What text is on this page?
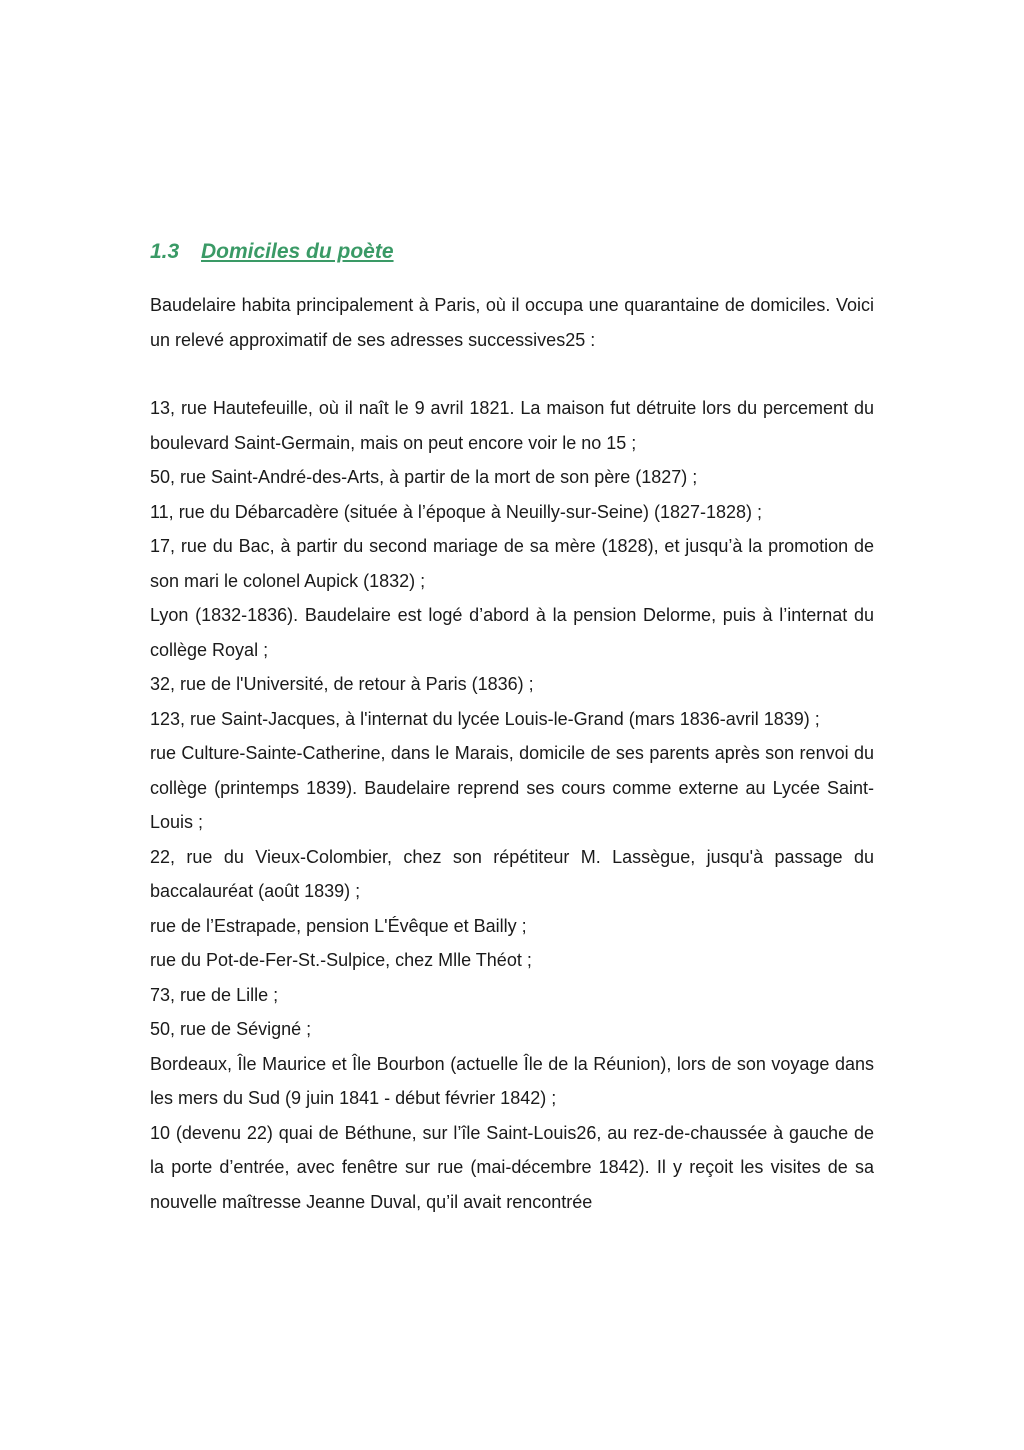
1.3 Domiciles du poète

Baudelaire habita principalement à Paris, où il occupa une quarantaine de domiciles. Voici un relevé approximatif de ses adresses successives25 :

13, rue Hautefeuille, où il naît le 9 avril 1821. La maison fut détruite lors du percement du boulevard Saint-Germain, mais on peut encore voir le no 15 ;

50, rue Saint-André-des-Arts, à partir de la mort de son père (1827) ;

11, rue du Débarcadère (située à l’époque à Neuilly-sur-Seine) (1827-1828) ;

17, rue du Bac, à partir du second mariage de sa mère (1828), et jusqu’à la promotion de son mari le colonel Aupick (1832) ;

Lyon (1832-1836). Baudelaire est logé d’abord à la pension Delorme, puis à l’internat du collège Royal ;

32, rue de l'Université, de retour à Paris (1836) ;

123, rue Saint-Jacques, à l'internat du lycée Louis-le-Grand (mars 1836-avril 1839) ;

rue Culture-Sainte-Catherine, dans le Marais, domicile de ses parents après son renvoi du collège (printemps 1839). Baudelaire reprend ses cours comme externe au Lycée Saint-Louis ;

22, rue du Vieux-Colombier, chez son répétiteur M. Lassègue, jusqu'à passage du baccalauréat (août 1839) ;

rue de l’Estrapade, pension L'Évêque et Bailly ;

rue du Pot-de-Fer-St.-Sulpice, chez Mlle Théot ;

73, rue de Lille ;

50, rue de Sévigné ;

Bordeaux, Île Maurice et Île Bourbon (actuelle Île de la Réunion), lors de son voyage dans les mers du Sud (9 juin 1841 - début février 1842) ;

10 (devenu 22) quai de Béthune, sur l’île Saint-Louis26, au rez-de-chaussée à gauche de la porte d’entrée, avec fenêtre sur rue (mai-décembre 1842). Il y reçoit les visites de sa nouvelle maîtresse Jeanne Duval, qu’il avait rencontrée
